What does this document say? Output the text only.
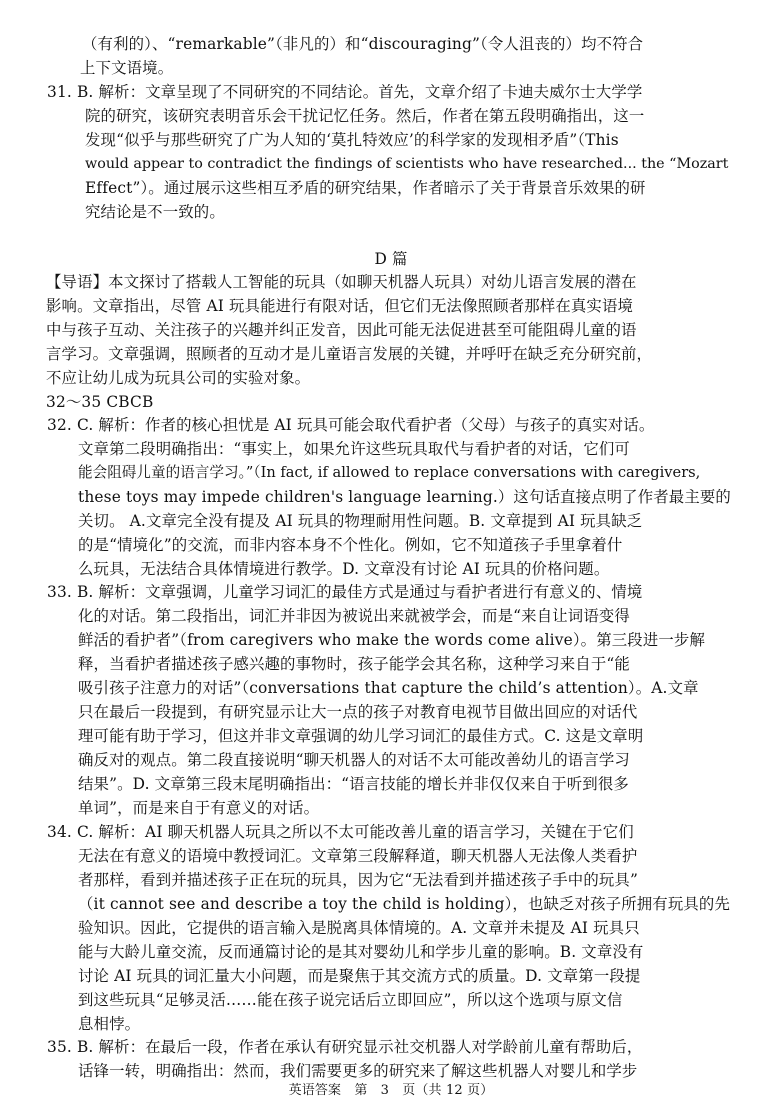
（有利的）、“remarkable”（非凡的）和“discouraging”（令人沮丧的）均不符合
上下文语境。
31. B. 解析：文章呈现了不同研究的不同结论。首先，文章介绍了卡迪夫威尔士大学学
院的研究，该研究表明音乐会干扰记忆任务。然后，作者在第五段明确指出，这一
发现“似乎与那些研究了广为人知的‘莫扎特效应’的科学家的发现相矛盾”（This
would appear to contradict the findings of scientists who have researched... the “Mozart
Effect”）。通过展示这些相互矛盾的研究结果，作者暗示了关于背景音乐效果的研
究结论是不一致的。
D 篇
【导语】本文探讨了搭载人工智能的玩具（如聊天机器人玩具）对幼儿语言发展的潜在
影响。文章指出，尽管 AI 玩具能进行有限对话，但它们无法像照顾者那样在真实语境
中与孩子互动、关注孩子的兴趣并纠正发音，因此可能无法促进甚至可能阻碍儿童的语
言学习。文章强调，照顾者的互动才是儿童语言发展的关键，并呼吁在缺乏充分研究前，
不应让幼儿成为玩具公司的实验对象。
32～35 CBCB
32. C. 解析：作者的核心担忧是 AI 玩具可能会取代看护者（父母）与孩子的真实对话。
文章第二段明确指出：“事实上，如果允许这些玩具取代与看护者的对话，它们可
能会阻碍儿童的语言学习。”（In fact, if allowed to replace conversations with caregivers,
these toys may impede children's language learning.）这句话直接点明了作者最主要的
关切。 A.文章完全没有提及 AI 玩具的物理耐用性问题。B. 文章提到 AI 玩具缺乏
的是“情境化”的交流，而非内容本身不个性化。例如，它不知道孩子手里拿着什
么玩具，无法结合具体情境进行教学。D. 文章没有讨论 AI 玩具的价格问题。
33. B. 解析：文章强调，儿童学习词汇的最佳方式是通过与看护者进行有意义的、情境
化的对话。第二段指出，词汇并非因为被说出来就被学会，而是“来自让词语变得
鲜活的看护者”（from caregivers who make the words come alive）。第三段进一步解
释，当看护者描述孩子感兴趣的事物时，孩子能学会其名称，这种学习来自于“能
吸引孩子注意力的对话”（conversations that capture the child’s attention）。A.文章
只在最后一段提到，有研究显示让大一点的孩子对教育电视节目做出回应的对话代
理可能有助于学习，但这并非文章强调的幼儿学习词汇的最佳方式。C. 这是文章明
确反对的观点。第二段直接说明“聊天机器人的对话不太可能改善幼儿的语言学习
结果”。D. 文章第三段末尾明确指出：“语言技能的增长并非仅仅来自于听到很多
单词”，而是来自于有意义的对话。
34. C. 解析：AI 聊天机器人玩具之所以不太可能改善儿童的语言学习，关键在于它们
无法在有意义的语境中教授词汇。文章第三段解释道，聊天机器人无法像人类看护
者那样，看到并描述孩子正在玩的玩具，因为它“无法看到并描述孩子手中的玩具”
（it cannot see and describe a toy the child is holding），也缺乏对孩子所拥有玩具的先
验知识。因此，它提供的语言输入是脱离具体情境的。A. 文章并未提及 AI 玩具只
能与大龄儿童交流，反而通篇讨论的是其对婴幼儿和学步儿童的影响。B. 文章没有
讨论 AI 玩具的词汇量大小问题，而是聚焦于其交流方式的质量。D. 文章第一段提
到这些玩具“足够灵活……能在孩子说完话后立即回应”，所以这个选项与原文信
息相悖。
35. B. 解析：在最后一段，作者在承认有研究显示社交机器人对学龄前儿童有帮助后，
话锋一转，明确指出：然而，我们需要更多的研究来了解这些机器人对婴儿和学步
英语答案　第　3　页（共 12 页）
